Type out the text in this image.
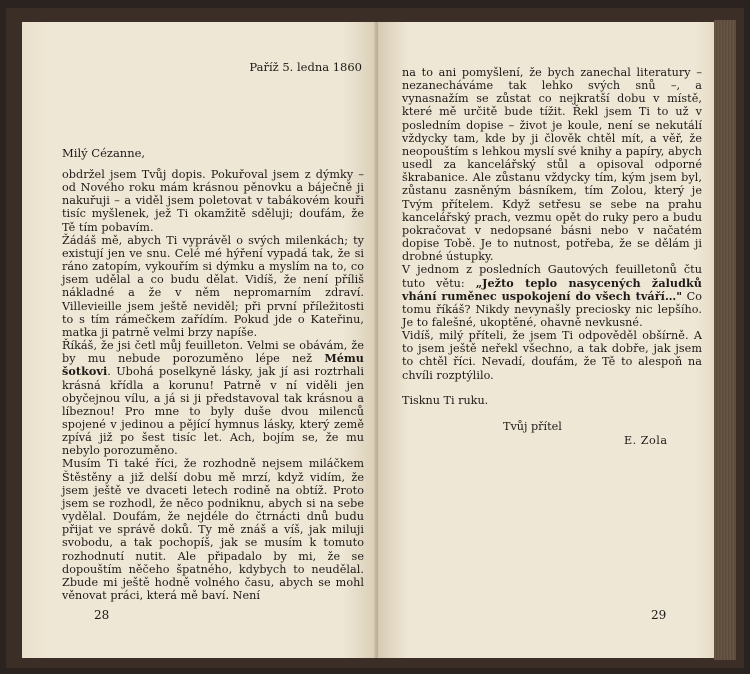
Paříž 5. ledna 1860
Milý Cézanne,

obdržel jsem Tvůj dopis. Pokuřoval jsem z dýmky – od Nového roku mám krásnou pěnovku a báječně ji nakuřuji – a viděl jsem poletovat v tabákovém kouři tisíc myšlenek, jež Ti okamžitě sděluji; doufám, že Tě tím pobavím.

Žádáš mě, abych Ti vyprávěl o svých milenkách; ty existují jen ve snu. Celé mé hýření vypadá tak, že si ráno zatopím, vykouřím si dýmku a myslím na to, co jsem udělal a co budu dělat. Vidíš, že není příliš nákladné a že v něm nepromarním zdraví. Villevieille jsem ještě neviděl; při první příležitosti to s tím rámečkem zařídím. Pokud jde o Kateřinu, matka ji patrně velmi brzy napíše.

Říkáš, že jsi četl můj feuilleton. Velmi se obávám, že by mu nebude porozuměno lépe než Mému šotkovi. Ubohá poselkyně lásky, jak jí asi roztrhali krásná křídla a korunu! Patrně v ní viděli jen obyčejnou vílu, a já si ji představoval tak krásnou a líbeznou! Pro mne to byly duše dvou milenců spojené v jedinou a pějící hymnus lásky, který země zpívá již po šest tisíc let. Ach, bojím se, že mu nebylo porozuměno.

Musím Ti také říci, že rozhodně nejsem miláčkem Štěstěny a již delší dobu mě mrzí, když vidím, že jsem ještě ve dvaceti letech rodině na obtíž. Proto jsem se rozhodl, že něco podniknu, abych si na sebe vydělal. Doufám, že nejdéle do čtrnácti dnů budu přijat ve správě doků. Ty mě znáš a víš, jak miluji svobodu, a tak pochopíš, jak se musím k tomuto rozhodnutí nutit. Ale připadalo by mi, že se dopouštím něčeho špatného, kdybych to neudělal. Zbude mi ještě hodně volného času, abych se mohl věnovat práci, která mě baví. Není

28

na to ani pomyšlení, že bych zanechal literatury – nezanecháváme tak lehko svých snů –, a vynasnažím se zůstat co nejkratší dobu v místě, které mě určitě bude tížit. Řekl jsem Ti to už v posledním dopise – život je koule, není se nekutálí vždycky tam, kde by ji člověk chtěl mít, a věř, že neopouštím s lehkou myslí své knihy a papíry, abych usedl za kancelářský stůl a opisoval odporné škrabanice. Ale zůstanu vždycky tím, kým jsem byl, zůstanu zasněným básníkem, tím Zolou, který je Tvým přítelem. Když setřesu se sebe na prahu kancelářský prach, vezmu opět do ruky pero a budu pokračovat v nedopsané básni nebo v načatém dopise Tobě. Je to nutnost, potřeba, že se dělám ji drobné ústupky.

V jednom z posledních Gautových feuilletonů čtu tuto větu: „Ježto teplo nasycených žaludků vhání ruměnec uspokojení do všech tváří…" Co tomu říkáš? Nikdy nevynašly preciosky nic lepšího. Je to falešné, ukoptěné, ohavně nevkusné.

Vidíš, milý příteli, že jsem Ti odpověděl obšírně. A to jsem ještě neřekl všechno, a tak dobře, jak jsem to chtěl říci. Nevadí, doufám, že Tě to alespoň na chvíli rozptýlilo.

Tisknu Ti ruku.
Tvůj přítel
E. Zola
29
